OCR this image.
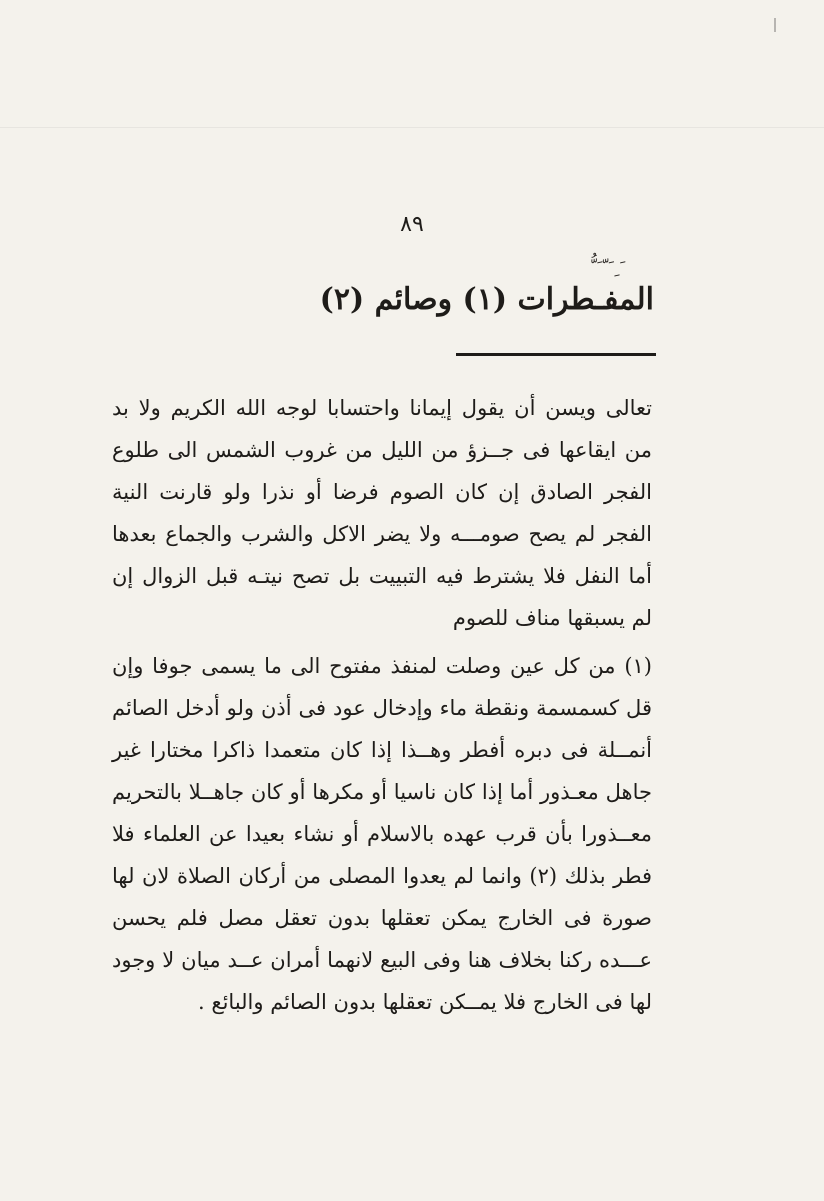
٨٩
ُ ّ َ ّ َ ِ َ
المفـطرات (١) وصائم (٢)

تعالى ويسن أن يقول إيمانا واحتسابا لوجه الله الكريم ولا بد من ايقاعها فى جــزؤ من الليل من غروب الشمس الى طلوع الفجر الصادق إن كان الصوم فرضا أو نذرا ولو قارنت النية الفجر لم يصح صومـــه ولا يضر الاكل والشرب والجماع بعدها أما النفل فلا يشترط فيه التبييت بل تصح نيتـه قبل الزوال إن لم يسبقها مناف للصوم

(١) من كل عين وصلت لمنفذ مفتوح الى ما يسمى جوفا وإن قل كسمسمة ونقطة ماء وإدخال عود فى أذن ولو أدخل الصائم أنمــلة فى دبره أفطر وهــذا إذا كان متعمدا ذاكرا مختارا غير جاهل معـذور أما إذا كان ناسيا أو مكرها أو كان جاهــلا بالتحريم معــذورا بأن قرب عهده بالاسلام أو نشاء بعيدا عن العلماء فلا فطر بذلك (٢) وانما لم يعدوا المصلى من أركان الصلاة لان لها صورة فى الخارج يمكن تعقلها بدون تعقل مصل فلم يحسن عـــده ركنا بخلاف هنا وفى البيع لانهما أمران عــد ميان لا وجود لها فى الخارج فلا يمــكن تعقلها بدون الصائم والبائع .
